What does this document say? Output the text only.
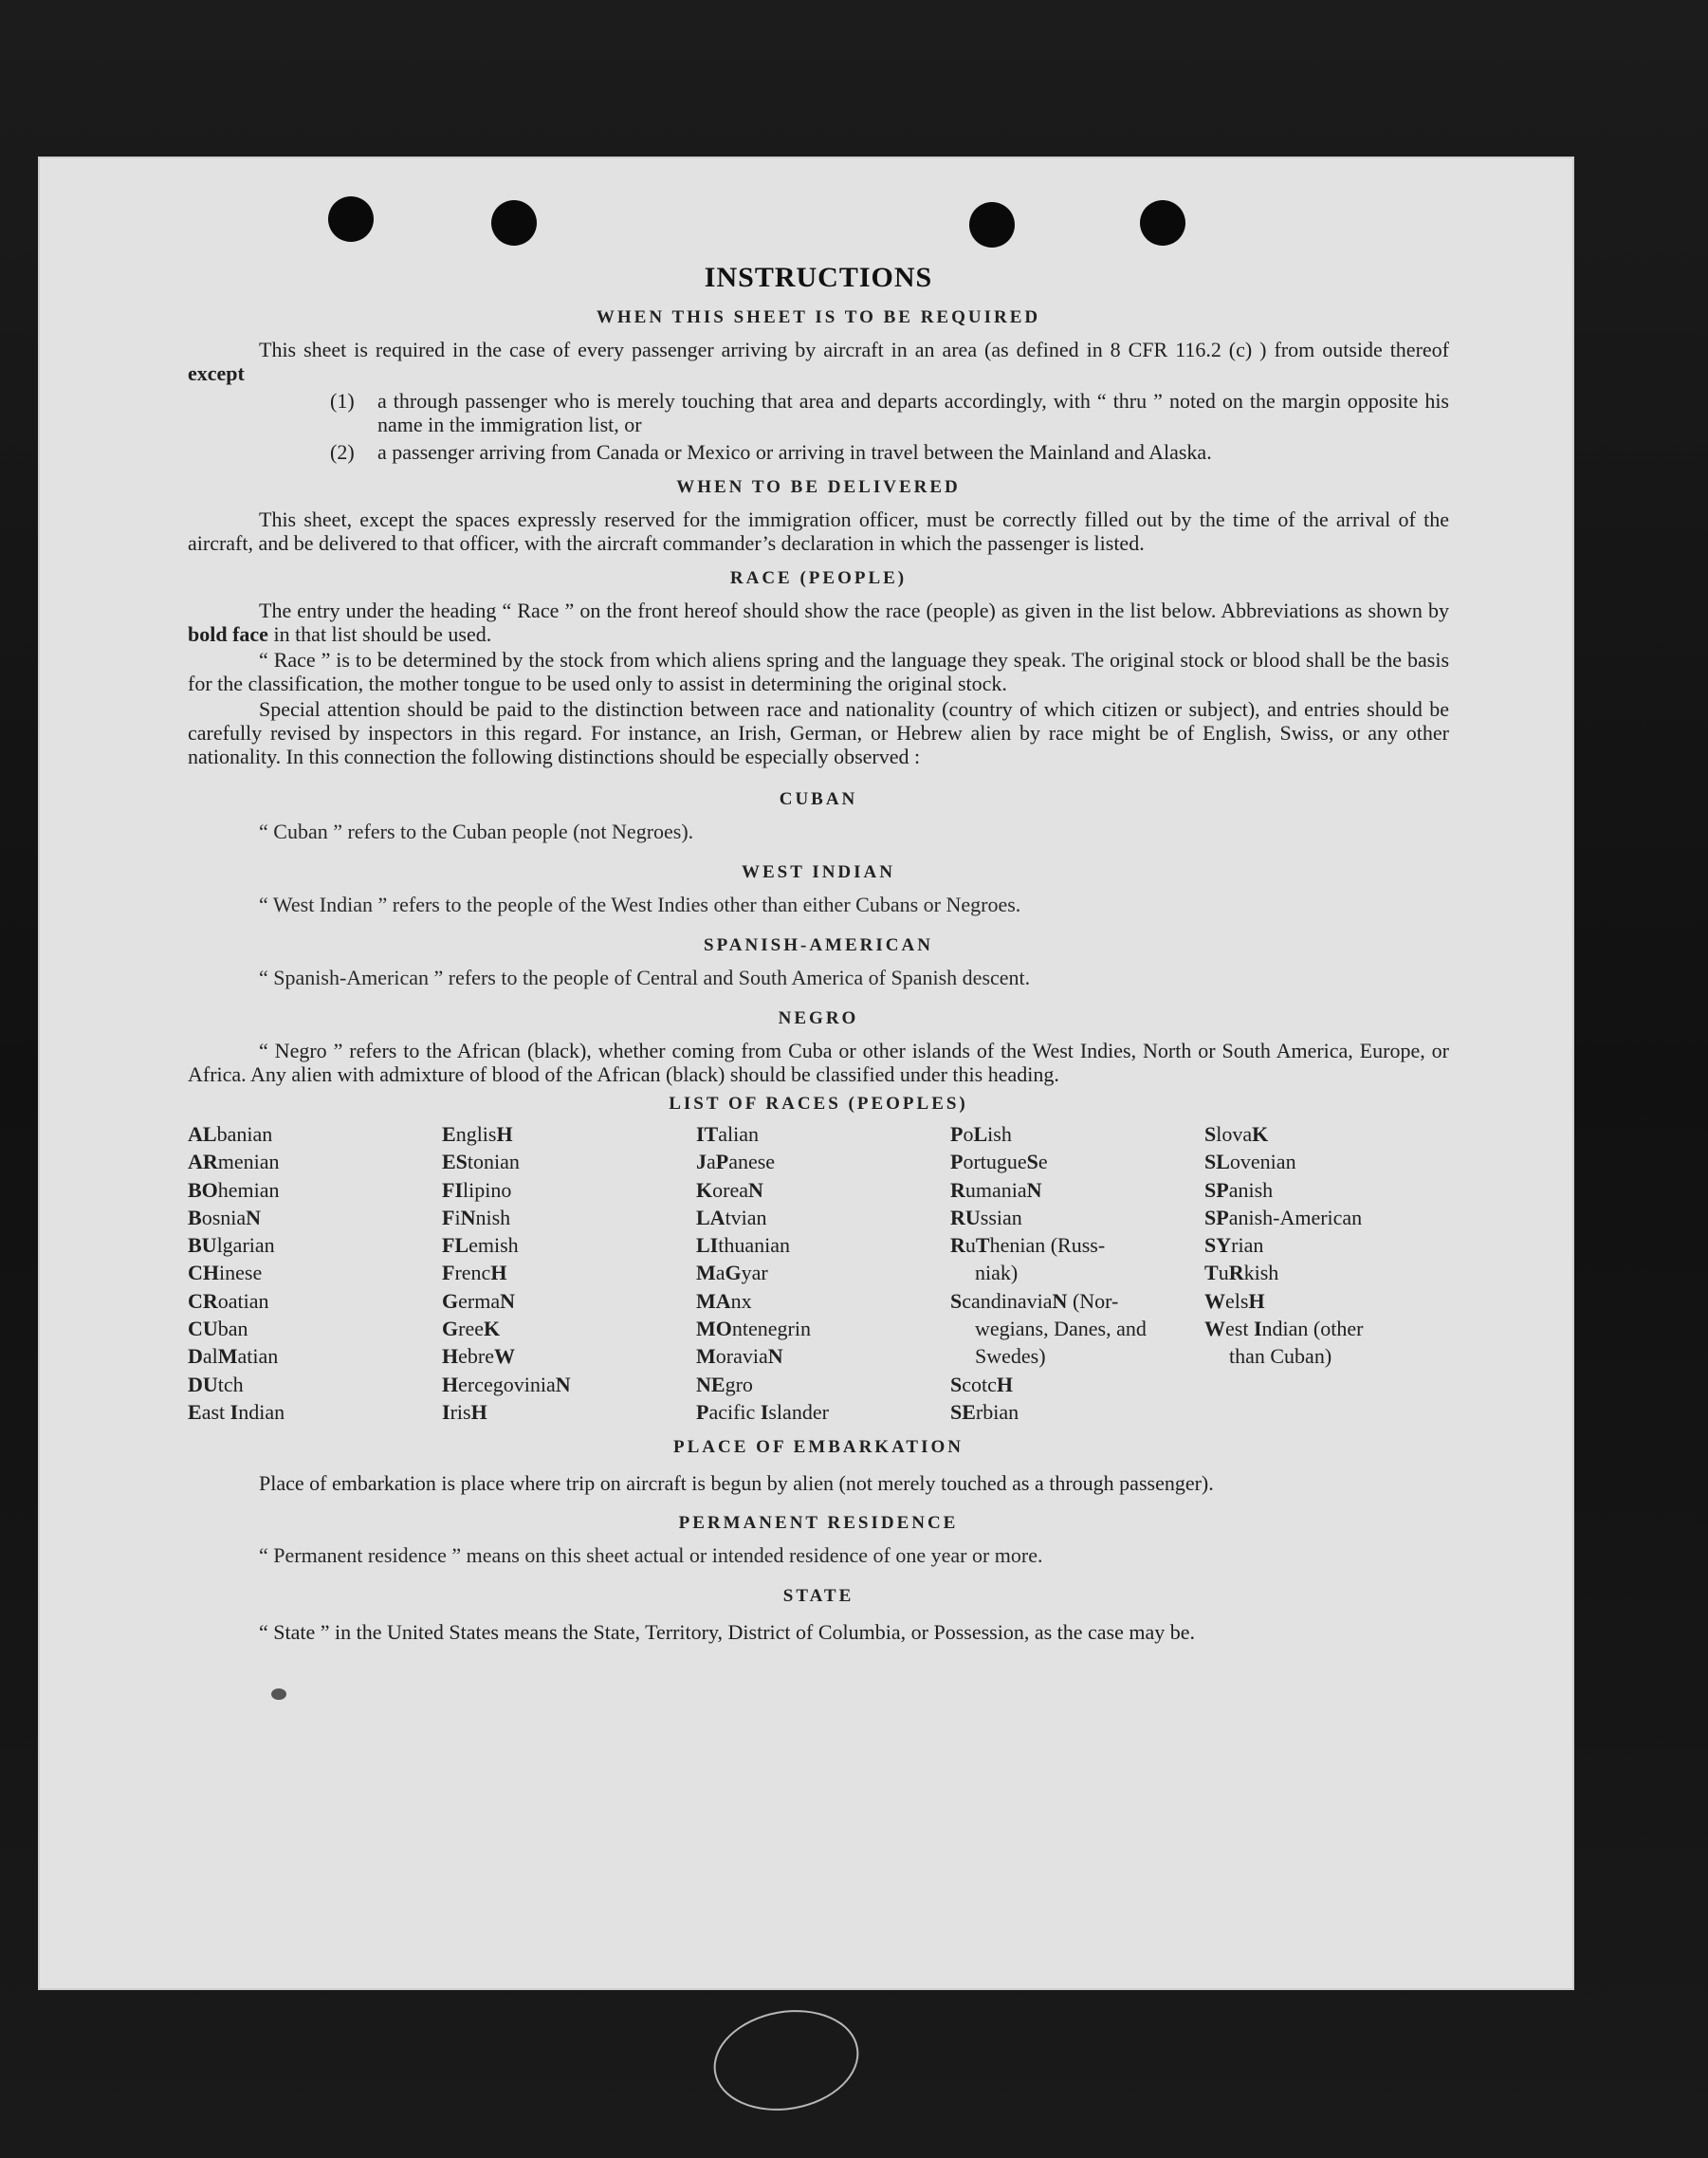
INSTRUCTIONS
WHEN THIS SHEET IS TO BE REQUIRED

This sheet is required in the case of every passenger arriving by aircraft in an area (as defined in 8 CFR 116.2 (c) ) from outside thereof except

(1)	a through passenger who is merely touching that area and departs accordingly, with “ thru ” noted on the margin opposite his name in the immigration list, or
(2)	a passenger arriving from Canada or Mexico or arriving in travel between the Mainland and Alaska.
WHEN TO BE DELIVERED

This sheet, except the spaces expressly reserved for the immigration officer, must be correctly filled out by the time of the arrival of the aircraft, and be delivered to that officer, with the aircraft commander’s declaration in which the passenger is listed.

RACE (PEOPLE)

The entry under the heading “ Race ” on the front hereof should show the race (people) as given in the list below. Abbreviations as shown by bold face in that list should be used.

“ Race ” is to be determined by the stock from which aliens spring and the language they speak. The original stock or blood shall be the basis for the classification, the mother tongue to be used only to assist in determining the original stock.

Special attention should be paid to the distinction between race and nationality (country of which citizen or subject), and entries should be carefully revised by inspectors in this regard. For instance, an Irish, German, or Hebrew alien by race might be of English, Swiss, or any other nationality. In this connection the following distinctions should be especially observed :

CUBAN
“ Cuban ” refers to the Cuban people (not Negroes).
WEST INDIAN
“ West Indian ” refers to the people of the West Indies other than either Cubans or Negroes.
SPANISH-AMERICAN
“ Spanish-American ” refers to the people of Central and South America of Spanish descent.
NEGRO

“ Negro ” refers to the African (black), whether coming from Cuba or other islands of the West Indies, North or South America, Europe, or Africa. Any alien with admixture of blood of the African (black) should be classified under this heading.

LIST OF RACES (PEOPLES)
ALbanian
ARmenian
BOhemian
BosniaN
BUlgarian
CHinese
CRoatian
CUban
DalMatian
DUtch
East Indian
EnglisH
EStonian
FIlipino
FiNnish
FLemish
FrencH
GermaN
GreeK
HebreW
HercegoviniaN
IrisH
ITalian
JaPanese
KoreaN
LAtvian
LIthuanian
MaGyar
MAnx
MOntenegrin
MoraviaN
NEgro
Pacific Islander
PoLish
PortugueSe
RumaniaN
RUssian
RuThenian (Russ-
niak)
ScandinaviaN (Nor-
wegians, Danes, and Swedes)
ScotcH
SErbian
SlovaK
SLovenian
SPanish
SPanish-American
SYrian
TuRkish
WelsH
West Indian (other
than Cuban)
PLACE OF EMBARKATION

Place of embarkation is place where trip on aircraft is begun by alien (not merely touched as a through passenger).

PERMANENT RESIDENCE
“ Permanent residence ” means on this sheet actual or intended residence of one year or more.
STATE

“ State ” in the United States means the State, Territory, District of Columbia, or Possession, as the case may be.
